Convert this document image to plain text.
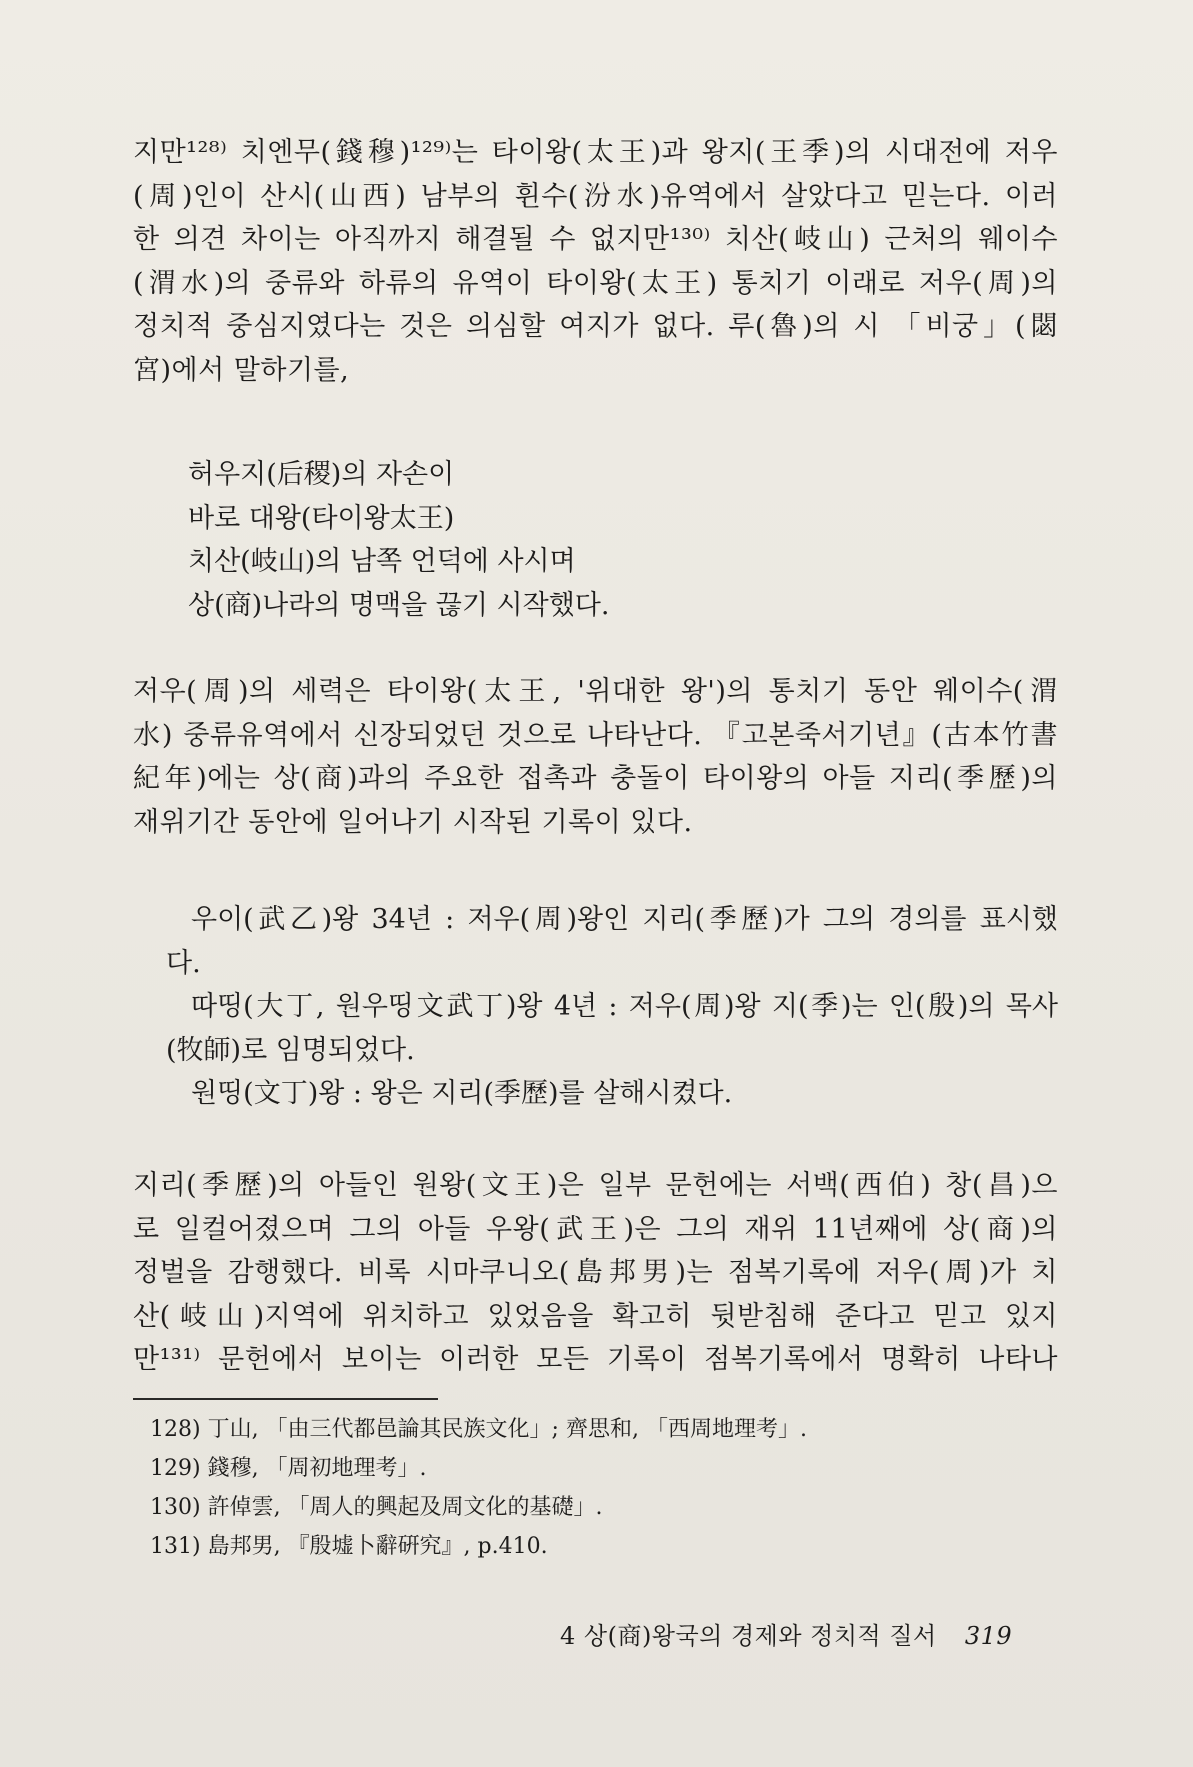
지만¹²⁸⁾ 치엔무(錢穆)¹²⁹⁾는 타이왕(太王)과 왕지(王季)의 시대전에 저우
(周)인이 산시(山西) 남부의 휜수(汾水)유역에서 살았다고 믿는다. 이러
한 의견 차이는 아직까지 해결될 수 없지만¹³⁰⁾ 치산(岐山) 근처의 웨이수
(渭水)의 중류와 하류의 유역이 타이왕(太王) 통치기 이래로 저우(周)의
정치적 중심지였다는 것은 의심할 여지가 없다. 루(魯)의 시 「비궁」(閟
宮)에서 말하기를,

허우지(后稷)의 자손이
바로 대왕(타이왕太王)
치산(岐山)의 남쪽 언덕에 사시며
상(商)나라의 명맥을 끊기 시작했다.

저우(周)의 세력은 타이왕(太王, '위대한 왕')의 통치기 동안 웨이수(渭
水) 중류유역에서 신장되었던 것으로 나타난다. 『고본죽서기년』(古本竹書
紀年)에는 상(商)과의 주요한 접촉과 충돌이 타이왕의 아들 지리(季歷)의
재위기간 동안에 일어나기 시작된 기록이 있다.

우이(武乙)왕 34년 : 저우(周)왕인 지리(季歷)가 그의 경의를 표시했
다.
따띵(大丁, 원우띵文武丁)왕 4년 : 저우(周)왕 지(季)는 인(殷)의 목사
(牧師)로 임명되었다.
원띵(文丁)왕 : 왕은 지리(季歷)를 살해시켰다.

지리(季歷)의 아들인 원왕(文王)은 일부 문헌에는 서백(西伯) 창(昌)으
로 일컬어졌으며 그의 아들 우왕(武王)은 그의 재위 11년째에 상(商)의
정벌을 감행했다. 비록 시마쿠니오(島邦男)는 점복기록에 저우(周)가 치
산(岐山)지역에 위치하고 있었음을 확고히 뒷받침해 준다고 믿고 있지
만¹³¹⁾ 문헌에서 보이는 이러한 모든 기록이 점복기록에서 명확히 나타나

128) 丁山, 「由三代都邑論其民族文化」; 齊思和, 「西周地理考」.
129) 錢穆, 「周初地理考」.
130) 許倬雲, 「周人的興起及周文化的基礎」.
131) 島邦男, 『殷墟卜辭硏究』, p.410.
4 상(商)왕국의 경제와 정치적 질서 319
